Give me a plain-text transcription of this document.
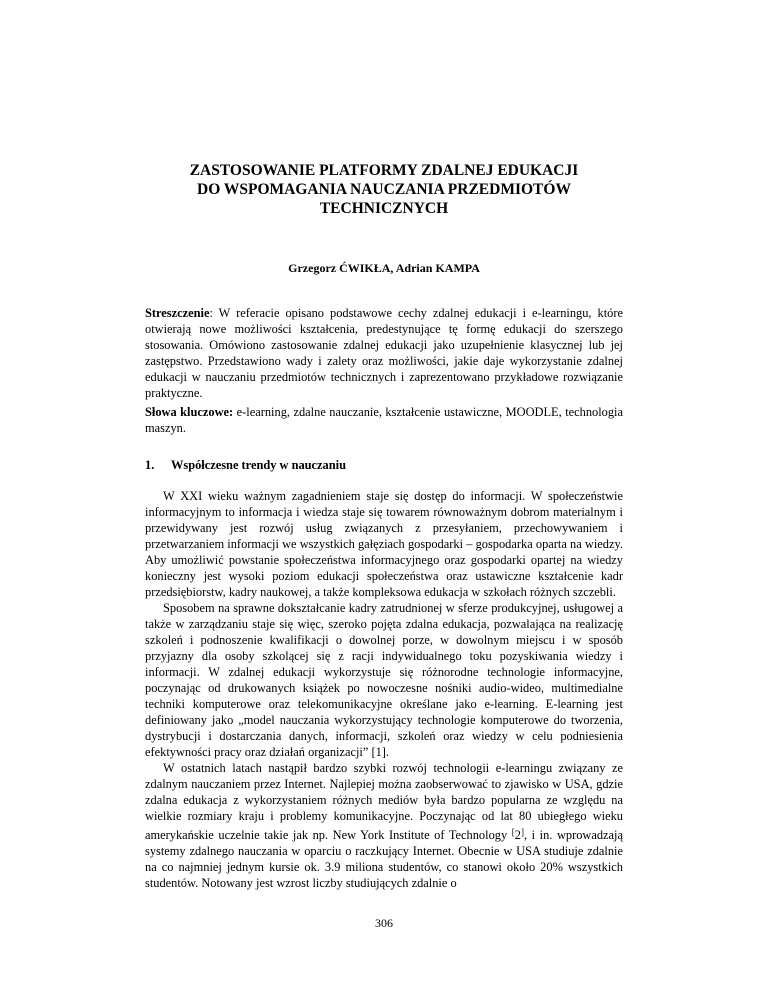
ZASTOSOWANIE PLATFORMY ZDALNEJ EDUKACJI
DO WSPOMAGANIA NAUCZANIA PRZEDMIOTÓW
TECHNICZNYCH
Grzegorz ĆWIKŁA, Adrian KAMPA

Streszczenie: W referacie opisano podstawowe cechy zdalnej edukacji i e-learningu, które otwierają nowe możliwości kształcenia, predestynujące tę formę edukacji do szerszego stosowania. Omówiono zastosowanie zdalnej edukacji jako uzupełnienie klasycznej lub jej zastępstwo. Przedstawiono wady i zalety oraz możliwości, jakie daje wykorzystanie zdalnej edukacji w nauczaniu przedmiotów technicznych i zaprezentowano przykładowe rozwiązanie praktyczne.

Słowa kluczowe: e-learning, zdalne nauczanie, kształcenie ustawiczne, MOODLE, technologia maszyn.

1. Współczesne trendy w nauczaniu

W XXI wieku ważnym zagadnieniem staje się dostęp do informacji. W społeczeństwie informacyjnym to informacja i wiedza staje się towarem równoważnym dobrom materialnym i przewidywany jest rozwój usług związanych z przesyłaniem, przechowywaniem i przetwarzaniem informacji we wszystkich gałęziach gospodarki – gospodarka oparta na wiedzy. Aby umożliwić powstanie społeczeństwa informacyjnego oraz gospodarki opartej na wiedzy konieczny jest wysoki poziom edukacji społeczeństwa oraz ustawiczne kształcenie kadr przedsiębiorstw, kadry naukowej, a także kompleksowa edukacja w szkołach różnych szczebli.

Sposobem na sprawne dokształcanie kadry zatrudnionej w sferze produkcyjnej, usługowej a także w zarządzaniu staje się więc, szeroko pojęta zdalna edukacja, pozwalająca na realizację szkoleń i podnoszenie kwalifikacji o dowolnej porze, w dowolnym miejscu i w sposób przyjazny dla osoby szkolącej się z racji indywidualnego toku pozyskiwania wiedzy i informacji. W zdalnej edukacji wykorzystuje się różnorodne technologie informacyjne, poczynając od drukowanych książek po nowoczesne nośniki audio-wideo, multimedialne techniki komputerowe oraz telekomunikacyjne określane jako e-learning. E-learning jest definiowany jako „model nauczania wykorzystujący technologie komputerowe do tworzenia, dystrybucji i dostarczania danych, informacji, szkoleń oraz wiedzy w celu podniesienia efektywności pracy oraz działań organizacji” [1].

W ostatnich latach nastąpił bardzo szybki rozwój technologii e-learningu związany ze zdalnym nauczaniem przez Internet. Najlepiej można zaobserwować to zjawisko w USA, gdzie zdalna edukacja z wykorzystaniem różnych mediów była bardzo popularna ze względu na wielkie rozmiary kraju i problemy komunikacyjne. Poczynając od lat 80 ubiegłego wieku amerykańskie uczelnie takie jak np. New York Institute of Technology [2], i in. wprowadzają systemy zdalnego nauczania w oparciu o raczkujący Internet. Obecnie w USA studiuje zdalnie na co najmniej jednym kursie ok. 3.9 miliona studentów, co stanowi około 20% wszystkich studentów. Notowany jest wzrost liczby studiujących zdalnie o

306
